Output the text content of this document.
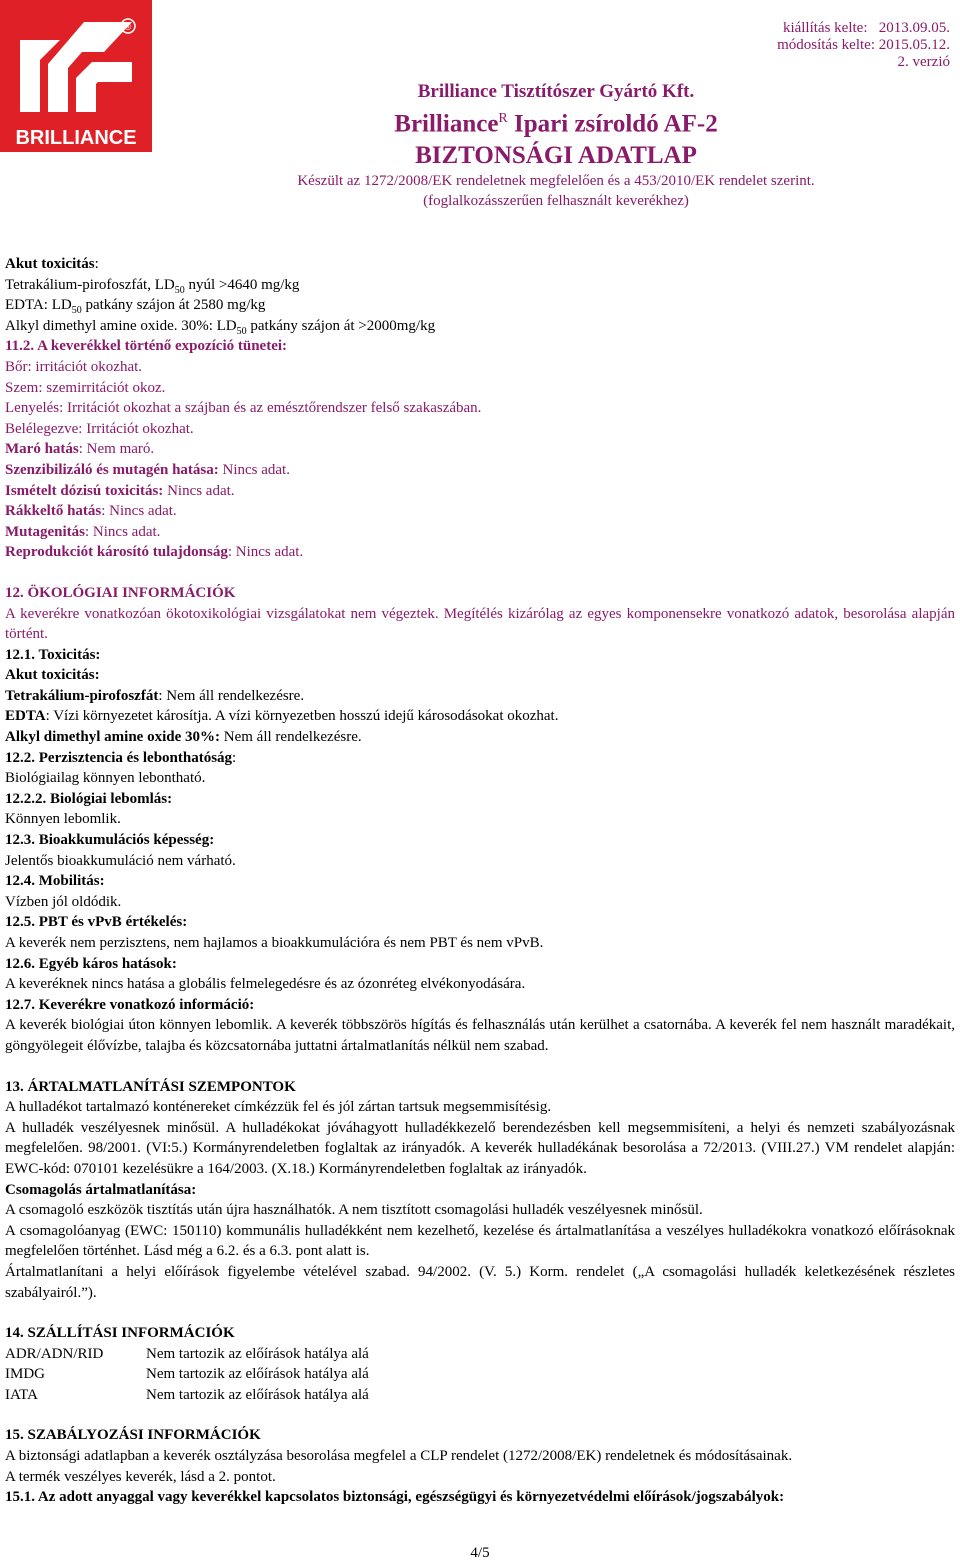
®
BRILLIANCE
kiállítás kelte:   2013.09.05.
módosítás kelte: 2015.05.12.
2. verzió
Brilliance Tisztítószer Gyártó Kft.
Brilliance$^R$ Ipari zsíroldó AF-2
BIZTONSÁGI ADATLAP
Készült az 1272/2008/EK rendeletnek megfelelően és a 453/2010/EK rendelet szerint.
(foglalkozásszerűen felhasznált keverékhez)

Akut toxicitás:

Tetrakálium-pirofoszfát, $LD_{50}$ nyúl >4640 mg/kg

EDTA: $LD_{50}$ patkány szájon át 2580 mg/kg

Alkyl dimethyl amine oxide. 30%: $LD_{50}$ patkány szájon át >2000mg/kg

11.2. A keverékkel történő expozíció tünetei:

Bőr: irritációt okozhat.

Szem: szemirritációt okoz.

Lenyelés: Irritációt okozhat a szájban és az emésztőrendszer felső szakaszában.

Belélegezve: Irritációt okozhat.

Maró hatás: Nem maró.

Szenzibilizáló és mutagén hatása: Nincs adat.

Ismételt dózisú toxicitás: Nincs adat.

Rákkeltő hatás: Nincs adat.

Mutagenitás: Nincs adat.

Reprodukciót károsító tulajdonság: Nincs adat.

12. ÖKOLÓGIAI INFORMÁCIÓK

A keverékre vonatkozóan ökotoxikológiai vizsgálatokat nem végeztek. Megítélés kizárólag az egyes komponensekre vonatkozó adatok, besorolása alapján történt.

12.1. Toxicitás:

Akut toxicitás:

Tetrakálium-pirofoszfát: Nem áll rendelkezésre.

EDTA: Vízi környezetet károsítja. A vízi környezetben hosszú idejű károsodásokat okozhat.

Alkyl dimethyl amine oxide 30%: Nem áll rendelkezésre.

12.2. Perzisztencia és lebonthatóság:

Biológiailag könnyen lebontható.

12.2.2. Biológiai lebomlás:

Könnyen lebomlik.

12.3. Bioakkumulációs képesség:

Jelentős bioakkumuláció nem várható.

12.4. Mobilitás:

Vízben jól oldódik.

12.5. PBT és vPvB értékelés:

A keverék nem perzisztens, nem hajlamos a bioakkumulációra és nem PBT és nem vPvB.

12.6. Egyéb káros hatások:

A keveréknek nincs hatása a globális felmelegedésre és az ózonréteg elvékonyodására.

12.7. Keverékre vonatkozó információ:

A keverék biológiai úton könnyen lebomlik. A keverék többszörös hígítás és felhasználás után kerülhet a csatornába. A keverék fel nem használt maradékait, göngyölegeit élővízbe, talajba és közcsatornába juttatni ártalmatlanítás nélkül nem szabad.

13. ÁRTALMATLANÍTÁSI SZEMPONTOK

A hulladékot tartalmazó konténereket címkézzük fel és jól zártan tartsuk megsemmisítésig.

A hulladék veszélyesnek minősül. A hulladékokat jóváhagyott hulladékkezelő berendezésben kell megsemmisíteni, a helyi és nemzeti szabályozásnak megfelelően. 98/2001. (VI:5.) Kormányrendeletben foglaltak az irányadók. A keverék hulladékának besorolása a 72/2013. (VIII.27.) VM rendelet alapján: EWC-kód: 070101 kezelésükre a 164/2003. (X.18.) Kormányrendeletben foglaltak az irányadók.

Csomagolás ártalmatlanítása:

A csomagoló eszközök tisztítás után újra használhatók. A nem tisztított csomagolási hulladék veszélyesnek minősül.

A csomagolóanyag (EWC: 150110) kommunális hulladékként nem kezelhető, kezelése és ártalmatlanítása a veszélyes hulladékokra vonatkozó előírásoknak megfelelően történhet. Lásd még a 6.2. és a 6.3. pont alatt is.

Ártalmatlanítani a helyi előírások figyelembe vételével szabad. 94/2002. (V. 5.) Korm. rendelet („A csomagolási hulladék keletkezésének részletes szabályairól.”).

14. SZÁLLÍTÁSI INFORMÁCIÓK

ADR/ADN/RID	Nem tartozik az előírások hatálya alá
IMDG	Nem tartozik az előírások hatálya alá
IATA	Nem tartozik az előírások hatálya alá

15. SZABÁLYOZÁSI INFORMÁCIÓK

A biztonsági adatlapban a keverék osztályzása besorolása megfelel a CLP rendelet (1272/2008/EK) rendeletnek és módosításainak.

A termék veszélyes keverék, lásd a 2. pontot.

15.1. Az adott anyaggal vagy keverékkel kapcsolatos biztonsági, egészségügyi és környezetvédelmi előírások/jogszabályok:

4/5
